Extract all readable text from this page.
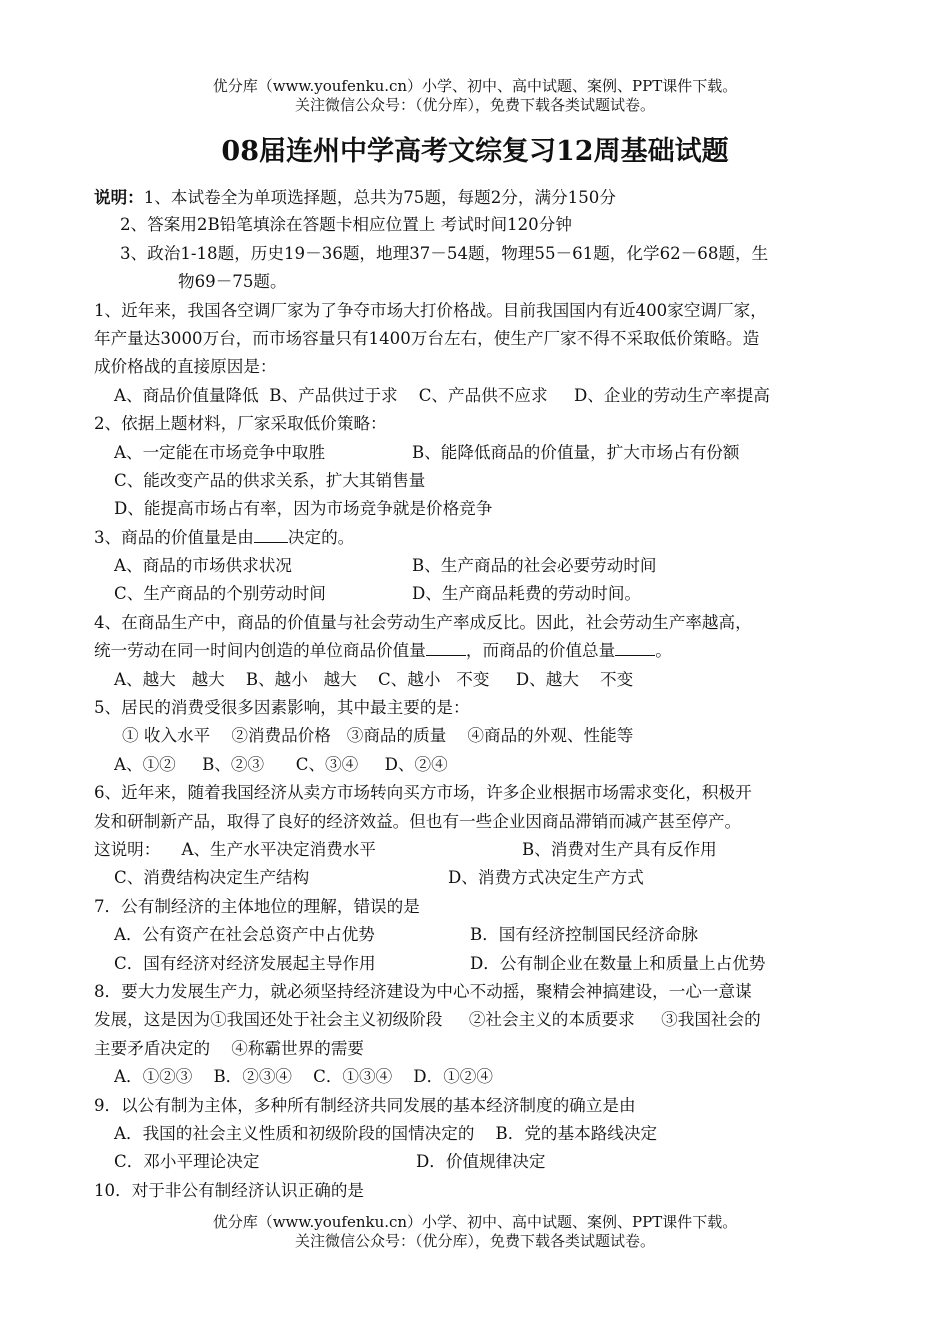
优分库（www.youfenku.cn）小学、初中、高中试题、案例、PPT课件下载。
关注微信公众号：（优分库），免费下载各类试题试卷。
08届连州中学高考文综复习12周基础试题
说明：1、本试卷全为单项选择题，总共为75题，每题2分，满分150分
2、答案用2B铅笔填涂在答题卡相应位置上 考试时间120分钟
3、政治1-18题，历史19－36题，地理37－54题，物理55－61题，化学62－68题，生
物69－75题。
1、近年来，我国各空调厂家为了争夺市场大打价格战。目前我国国内有近400家空调厂家，
年产量达3000万台，而市场容量只有1400万台左右，使生产厂家不得不采取低价策略。造
成价格战的直接原因是：
A、商品价值量降低  B、产品供过于求    C、产品供不应求     D、企业的劳动生产率提高
2、依据上题材料，厂家采取低价策略：
A、一定能在市场竞争中取胜	B、能降低商品的价值量，扩大市场占有份额
C、能改变产品的供求关系，扩大其销售量
D、能提高市场占有率，因为市场竞争就是价格竞争
3、商品的价值量是由 决定的。
A、商品的市场供求状况	B、生产商品的社会必要劳动时间
C、生产商品的个别劳动时间	D、生产商品耗费的劳动时间。
4、在商品生产中，商品的价值量与社会劳动生产率成反比。因此，社会劳动生产率越高，
统一劳动在同一时间内创造的单位商品价值量 ，而商品的价值总量 。
A、越大   越大    B、越小   越大    C、越小   不变     D、越大    不变
5、居民的消费受很多因素影响，其中最主要的是：
① 收入水平    ②消费品价格   ③商品的质量    ④商品的外观、性能等
A、①②     B、②③      C、③④     D、②④
6、近年来，随着我国经济从卖方市场转向买方市场，许多企业根据市场需求变化，积极开
发和研制新产品，取得了良好的经济效益。但也有一些企业因商品滞销而减产甚至停产。
这说明：    A、生产水平决定消费水平	B、消费对生产具有反作用
C、消费结构决定生产结构	D、消费方式决定生产方式
7．公有制经济的主体地位的理解，错误的是
A．公有资产在社会总资产中占优势	B．国有经济控制国民经济命脉
C．国有经济对经济发展起主导作用	D．公有制企业在数量上和质量上占优势
8．要大力发展生产力，就必须坚持经济建设为中心不动摇，聚精会神搞建设，一心一意谋
发展，这是因为①我国还处于社会主义初级阶段     ②社会主义的本质要求     ③我国社会的
主要矛盾决定的    ④称霸世界的需要
A．①②③    B．②③④    C．①③④    D．①②④
9．以公有制为主体，多种所有制经济共同发展的基本经济制度的确立是由
A．我国的社会主义性质和初级阶段的国情决定的    B．党的基本路线决定
C．邓小平理论决定	D．价值规律决定
10．对于非公有制经济认识正确的是
优分库（www.youfenku.cn）小学、初中、高中试题、案例、PPT课件下载。
关注微信公众号：（优分库），免费下载各类试题试卷。
